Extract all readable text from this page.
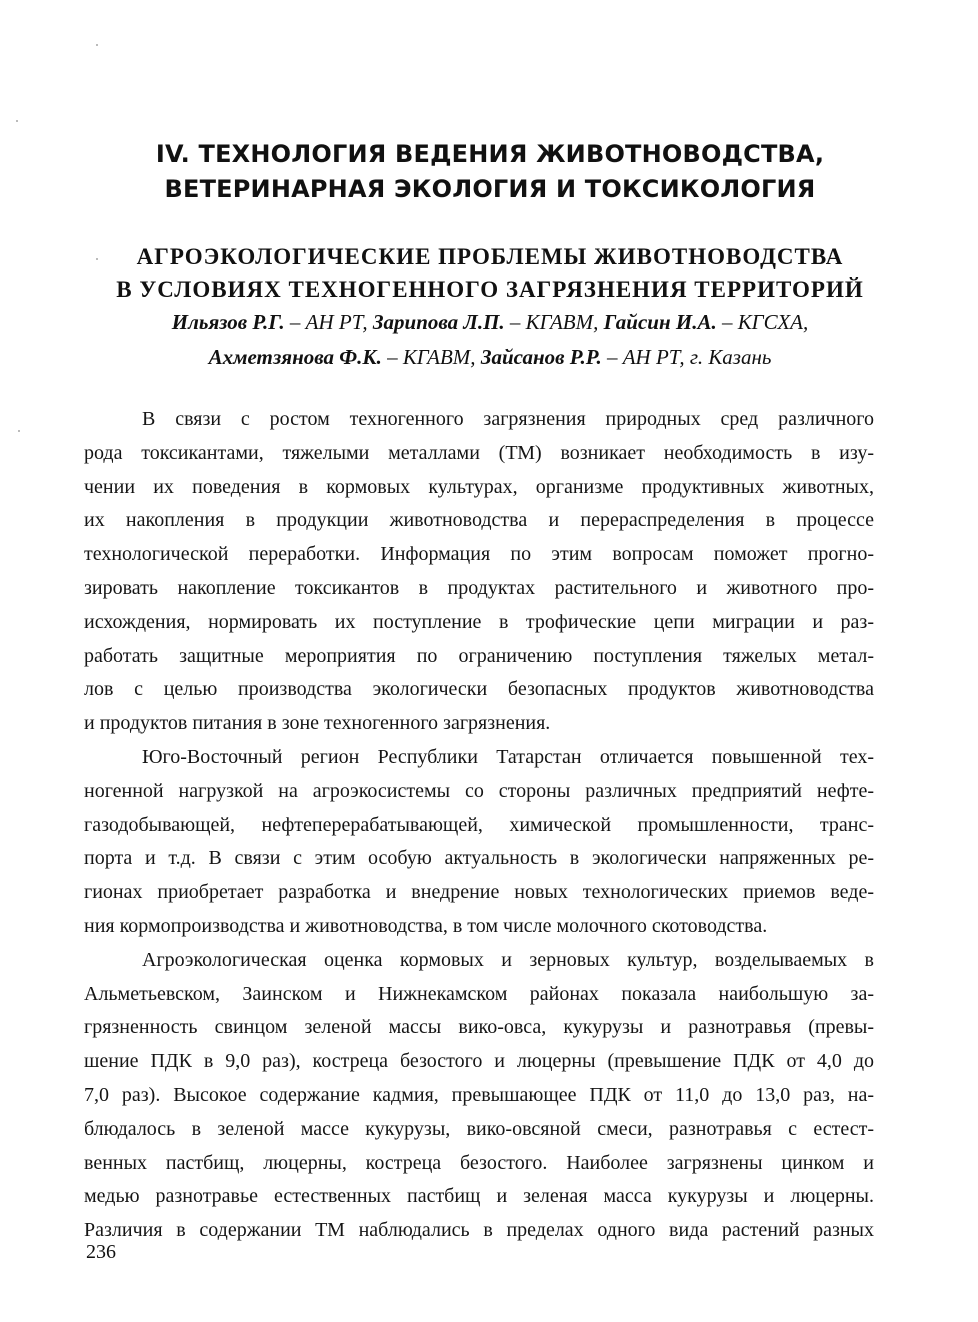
IV. ТЕХНОЛОГИЯ ВЕДЕНИЯ ЖИВОТНОВОДСТВА,
ВЕТЕРИНАРНАЯ ЭКОЛОГИЯ И ТОКСИКОЛОГИЯ
АГРОЭКОЛОГИЧЕСКИЕ ПРОБЛЕМЫ ЖИВОТНОВОДСТВА
В УСЛОВИЯХ ТЕХНОГЕННОГО ЗАГРЯЗНЕНИЯ ТЕРРИТОРИЙ
Ильязов Р.Г. – АН РТ, Зарипова Л.П. – КГАВМ, Гайсин И.А. – КГСХА,
Ахметзянова Ф.К. – КГАВМ, Зайсанов Р.Р. – АН РТ, г. Казань
В связи с ростом техногенного загрязнения природных сред различного
рода токсикантами, тяжелыми металлами (ТМ) возникает необходимость в изу-
чении их поведения в кормовых культурах, организме продуктивных животных,
их накопления в продукции животноводства и перераспределения в процессе
технологической переработки. Информация по этим вопросам поможет прогно-
зировать накопление токсикантов в продуктах растительного и животного про-
исхождения, нормировать их поступление в трофические цепи миграции и раз-
работать защитные мероприятия по ограничению поступления тяжелых метал-
лов с целью производства экологически безопасных продуктов животноводства
и продуктов питания в зоне техногенного загрязнения.
Юго-Восточный регион Республики Татарстан отличается повышенной тех-
ногенной нагрузкой на агроэкосистемы со стороны различных предприятий нефте-
газодобывающей, нефтеперерабатывающей, химической промышленности, транс-
порта и т.д. В связи с этим особую актуальность в экологически напряженных ре-
гионах приобретает разработка и внедрение новых технологических приемов веде-
ния кормопроизводства и животноводства, в том числе молочного скотоводства.
Агроэкологическая оценка кормовых и зерновых культур, возделываемых в
Альметьевском, Заинском и Нижнекамском районах показала наибольшую за-
грязненность свинцом зеленой массы вико-овса, кукурузы и разнотравья (превы-
шение ПДК в 9,0 раз), костреца безостого и люцерны (превышение ПДК от 4,0 до
7,0 раз). Высокое содержание кадмия, превышающее ПДК от 11,0 до 13,0 раз, на-
блюдалось в зеленой массе кукурузы, вико-овсяной смеси, разнотравья с естест-
венных пастбищ, люцерны, костреца безостого. Наиболее загрязнены цинком и
медью разнотравье естественных пастбищ и зеленая масса кукурузы и люцерны.
Различия в содержании ТМ наблюдались в пределах одного вида растений разных
236
